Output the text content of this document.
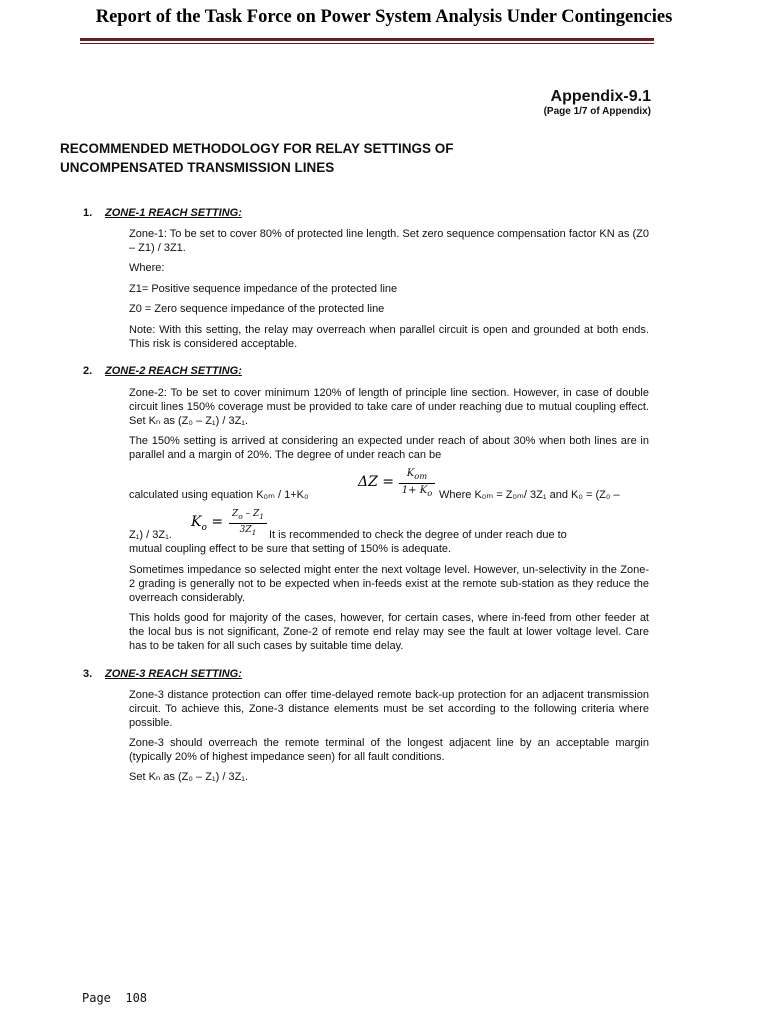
Report of the Task Force on Power System Analysis Under Contingencies
Appendix-9.1
(Page 1/7 of Appendix)
RECOMMENDED METHODOLOGY FOR RELAY SETTINGS OF
UNCOMPENSATED TRANSMISSION LINES
1. ZONE-1 REACH SETTING:
Zone-1: To be set to cover 80% of protected line length. Set zero sequence compensation factor KN as (Z0 – Z1) / 3Z1.
Where:
Z1= Positive sequence impedance of the protected line
Z0 = Zero sequence impedance of the protected line
Note: With this setting, the relay may overreach when parallel circuit is open and grounded at both ends. This risk is considered acceptable.
2. ZONE-2 REACH SETTING:
Zone-2: To be set to cover minimum 120% of length of principle line section. However, in case of double circuit lines 150% coverage must be provided to take care of under reaching due to mutual coupling effect. Set Kₙ as (Z₀ – Z₁) / 3Z₁.
The 150% setting is arrived at considering an expected under reach of about 30% when both lines are in parallel and a margin of 20%. The degree of under reach can be
ΔZ =
$K_{om}$
$1+ K_o$
calculated using equation K₀ₘ / 1+K₀	Where K₀ₘ = Z₀ₘ/ 3Z₁ and K₀ = (Z₀ –
$K_o = Z_o - Z_1$
$3Z_1$
Z₁) / 3Z₁.	It is recommended to check the degree of under reach due to
mutual coupling effect to be sure that setting of 150% is adequate.
Sometimes impedance so selected might enter the next voltage level. However, un-selectivity in the Zone-2 grading is generally not to be expected when in-feeds exist at the remote sub-station as they reduce the overreach considerably.
This holds good for majority of the cases, however, for certain cases, where in-feed from other feeder at the local bus is not significant, Zone-2 of remote end relay may see the fault at lower voltage level. Care has to be taken for all such cases by suitable time delay.
3. ZONE-3 REACH SETTING:
Zone-3 distance protection can offer time-delayed remote back-up protection for an adjacent transmission circuit. To achieve this, Zone-3 distance elements must be set according to the following criteria where possible.
Zone-3 should overreach the remote terminal of the longest adjacent line by an acceptable margin (typically 20% of highest impedance seen) for all fault conditions.
Set Kₙ as (Z₀ – Z₁) / 3Z₁.
Page 108
